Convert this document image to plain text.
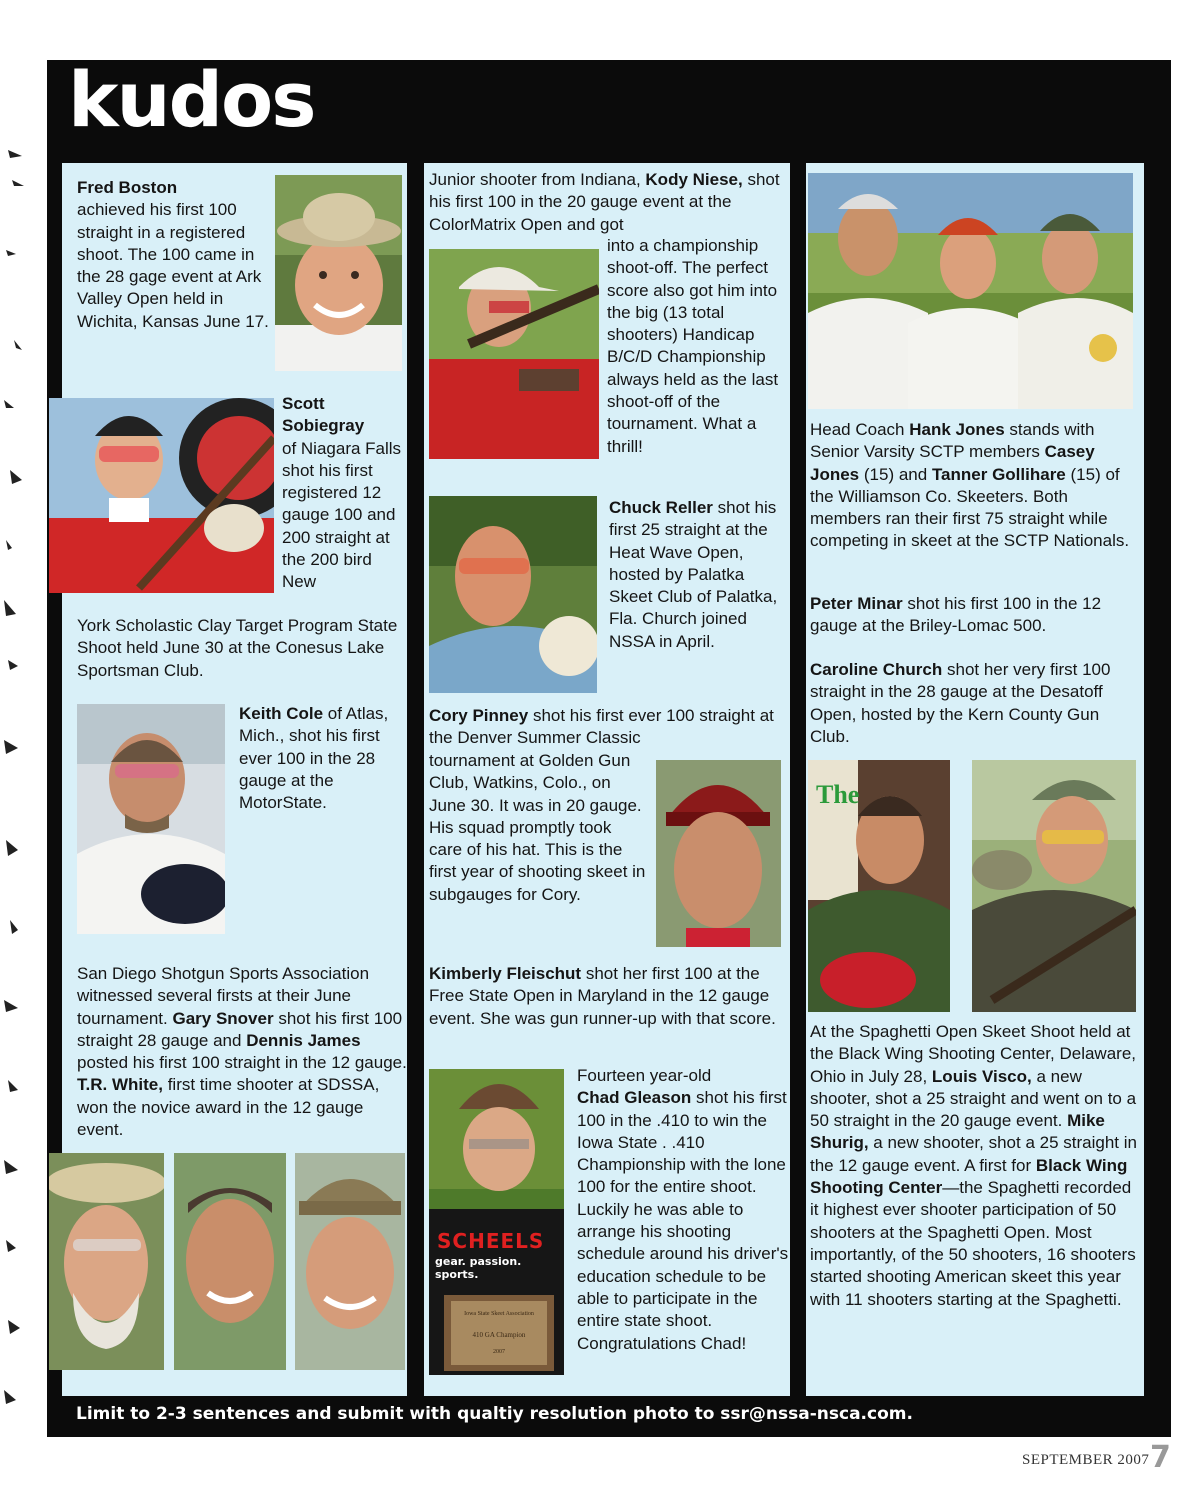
kudos

Fred Boston
achieved his first 100 straight in a registered shoot. The 100 came in the 28 gage event at Ark Valley Open held in Wichita, Kansas June 17.

Scott Sobiegray
of Niagara Falls shot his first registered 12 gauge 100 and 200 straight at the 200 bird New

York Scholastic Clay Target Program State Shoot held June 30 at the Conesus Lake Sportsman Club.

Keith Cole of Atlas, Mich., shot his first ever 100 in the 28 gauge at the MotorState.

San Diego Shotgun Sports Association witnessed several firsts at their June tournament. Gary Snover shot his first 100 straight 28 gauge and Dennis James posted his first 100 straight in the 12 gauge. T.R. White, first time shooter at SDSSA, won the novice award in the 12 gauge event.

Junior shooter from Indiana, Kody Niese, shot his first 100 in the 20 gauge event at the ColorMatrix Open and got

into a championship shoot-off. The perfect score also got him into the big (13 total shooters) Handicap B/C/D Championship always held as the last shoot-off of the tournament. What a thrill!

Chuck Reller shot his first 25 straight at the Heat Wave Open, hosted by Palatka Skeet Club of Palatka, Fla. Church joined NSSA in April.

Cory Pinney shot his first ever 100 straight at the Denver Summer Classic

tournament at Golden Gun Club, Watkins, Colo., on June 30. It was in 20 gauge. His squad promptly took care of his hat. This is the first year of shooting skeet in subgauges for Cory.

Kimberly Fleischut shot her first 100 at the Free State Open in Maryland in the 12 gauge event. She was gun runner-up with that score.

SCHEELS
gear. passion. sports.
Iowa State Skeet Association
410 GA Champion
2007

Fourteen year-old
Chad Gleason shot his first 100 in the .410 to win the Iowa State . .410 Championship with the lone 100 for the entire shoot. Luckily he was able to arrange his shooting schedule around his driver's education schedule to be able to participate in the entire state shoot. Congratulations Chad!

Head Coach Hank Jones stands with Senior Varsity SCTP members Casey Jones (15) and Tanner Gollihare (15) of the Williamson Co. Skeeters. Both members ran their first 75 straight while competing in skeet at the SCTP Nationals.

Peter Minar shot his first 100 in the 12 gauge at the Briley-Lomac 500.

Caroline Church shot her very first 100 straight in the 28 gauge at the Desatoff Open, hosted by the Kern County Gun Club.

The

At the Spaghetti Open Skeet Shoot held at the Black Wing Shooting Center, Delaware, Ohio in July 28, Louis Visco, a new shooter, shot a 25 straight and went on to a 50 straight in the 20 gauge event. Mike Shurig, a new shooter, shot a 25 straight in the 12 gauge event. A first for Black Wing Shooting Center—the Spaghetti recorded it highest ever shooter participation of 50 shooters at the Spaghetti Open. Most importantly, of the 50 shooters, 16 shooters started shooting American skeet this year with 11 shooters starting at the Spaghetti.

Limit to 2-3 sentences and submit with qualtiy resolution photo to ssr@nssa-nsca.com.
SEPTEMBER 2007 7
